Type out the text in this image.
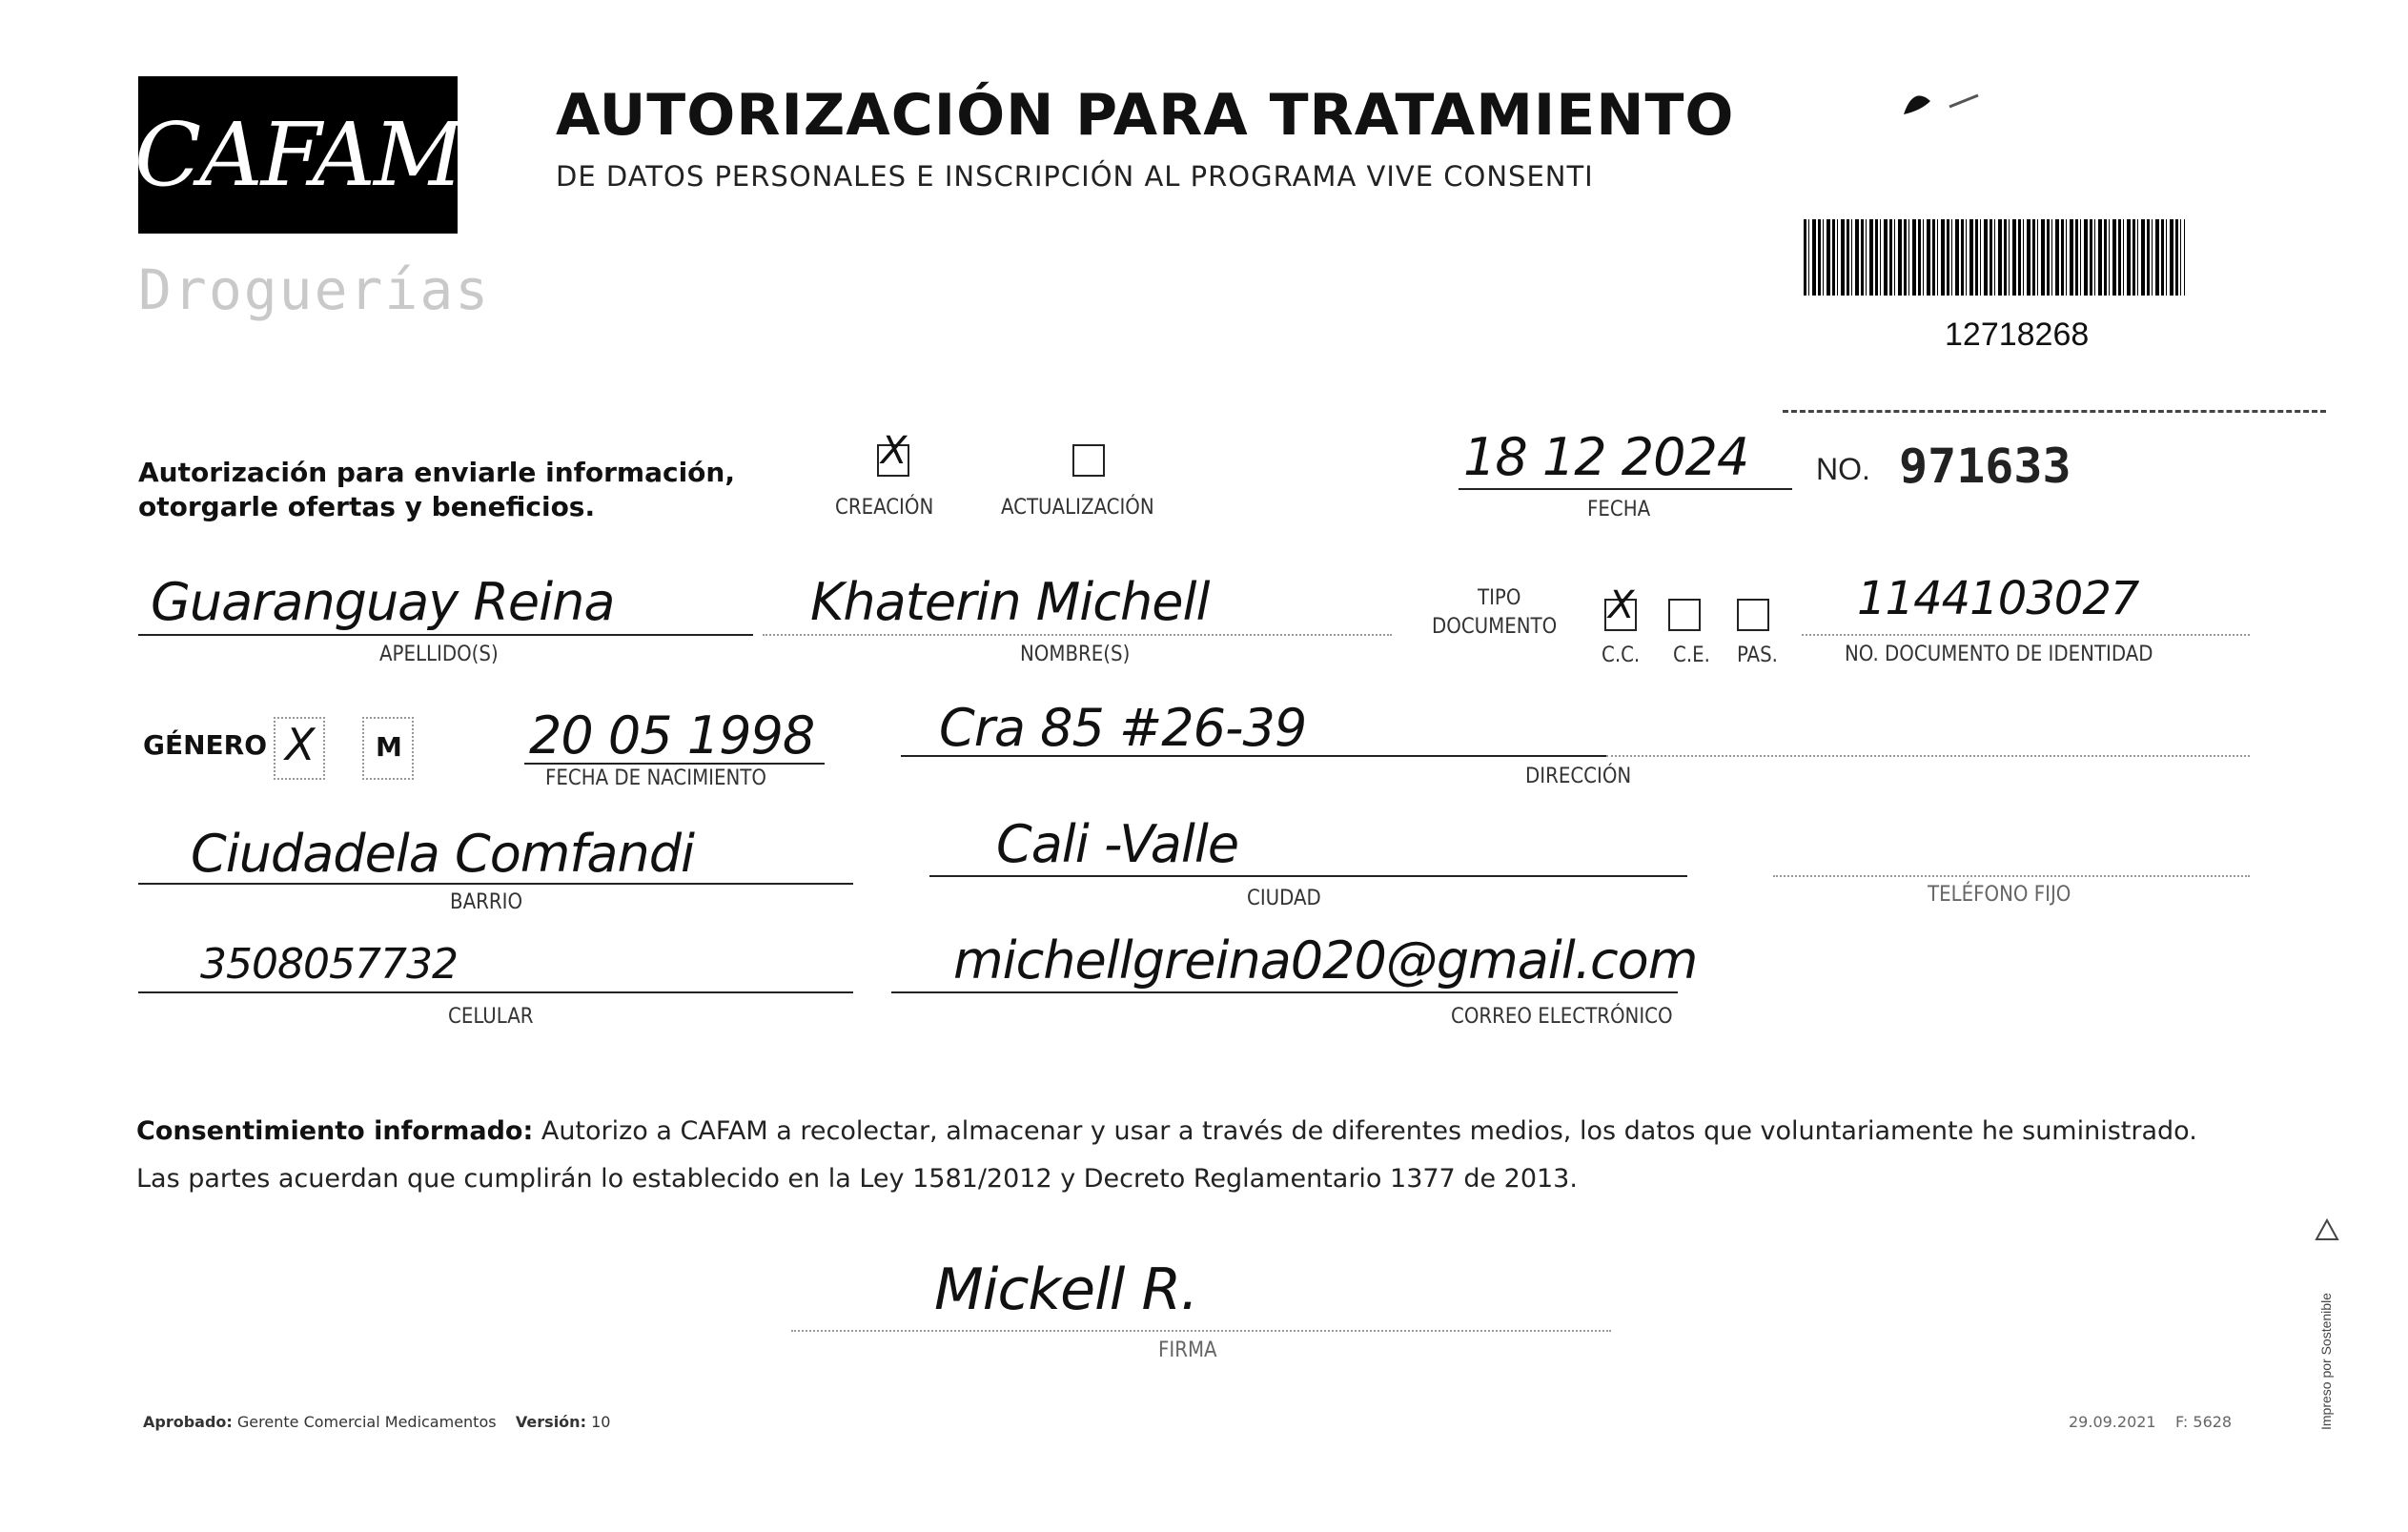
CAFAM
Droguerías
AUTORIZACIÓN PARA TRATAMIENTO
DE DATOS PERSONALES E INSCRIPCIÓN AL PROGRAMA VIVE CONSENTI
12718268
Autorización para enviarle información,
otorgarle ofertas y beneficios.
X
CREACIÓN	ACTUALIZACIÓN
18 12 2024
FECHA
NO. 971633
Guaranguay Reina
APELLIDO(S)
Khaterin Michell
NOMBRE(S)
TIPO
DOCUMENTO X
C.C. C.E. PAS.
1144103027
NO. DOCUMENTO DE IDENTIDAD
GÉNERO X M 20 05 1998
FECHA DE NACIMIENTO
Cra 85 #26-39
DIRECCIÓN
Ciudadela Comfandi
BARRIO
Cali -Valle
CIUDAD	TELÉFONO FIJO
3508057732
CELULAR
michellgreina020@gmail.com
CORREO ELECTRÓNICO
Consentimiento informado: Autorizo a CAFAM a recolectar, almacenar y usar a través de diferentes medios, los datos que voluntariamente he suministrado.
Las partes acuerdan que cumplirán lo establecido en la Ley 1581/2012 y Decreto Reglamentario 1377 de 2013.
Mickell R.
FIRMA
Aprobado: Gerente Comercial Medicamentos Versión: 10	29.09.2021 F: 5628	Impreso por Sostenible
